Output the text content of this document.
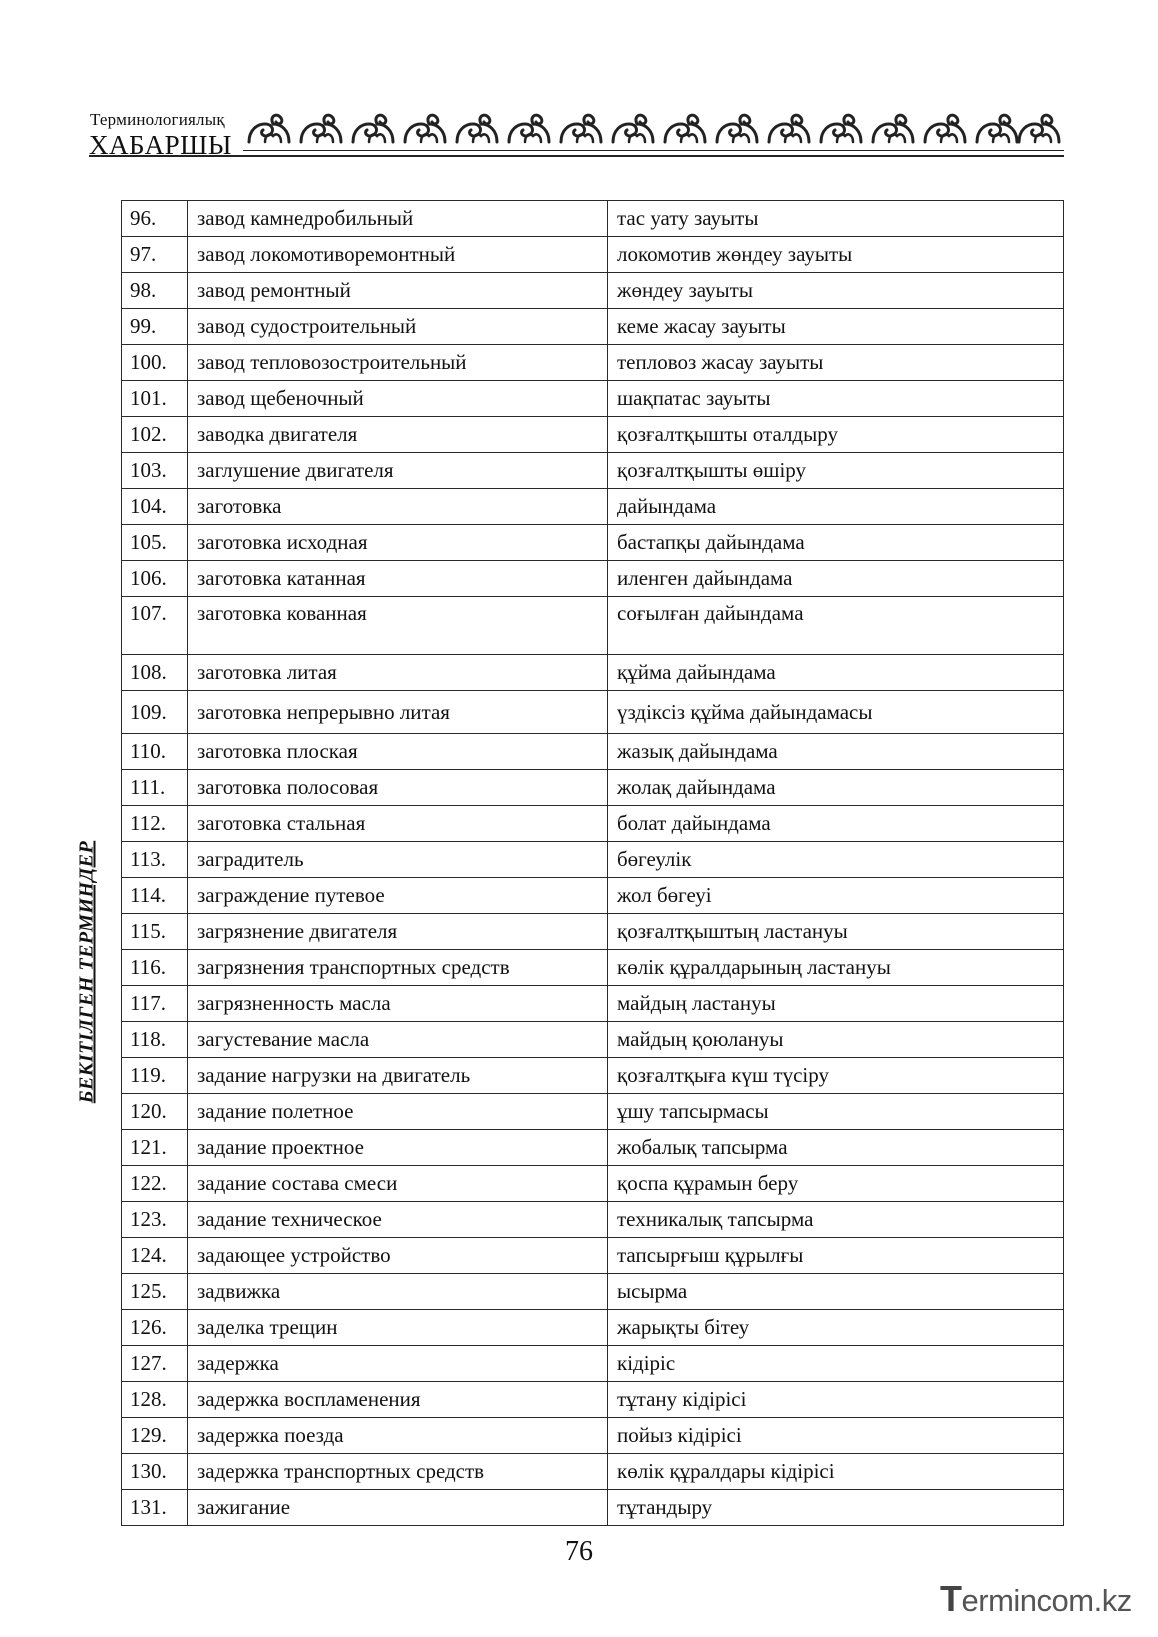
Терминологиялық
ХАБАРШЫ
БЕКІТІЛГЕН ТЕРМИНДЕР
96.	завод камнедробильный	тас уату зауыты
97.	завод локомотиворемонтный	локомотив жөндеу зауыты
98.	завод ремонтный	жөндеу зауыты
99.	завод судостроительный	кеме жасау зауыты
100.	завод тепловозостроительный	тепловоз жасау зауыты
101.	завод щебеночный	шақпатас зауыты
102.	заводка двигателя	қозғалтқышты оталдыру
103.	заглушение двигателя	қозғалтқышты өшіру
104.	заготовка	дайындама
105.	заготовка исходная	бастапқы дайындама
106.	заготовка катанная	иленген дайындама
107.	заготовка кованная	соғылған дайындама
108.	заготовка литая	құйма дайындама
109.	заготовка непрерывно литая	үздіксіз құйма дайындамасы
110.	заготовка плоская	жазық дайындама
111.	заготовка полосовая	жолақ дайындама
112.	заготовка стальная	болат дайындама
113.	заградитель	бөгеулік
114.	заграждение путевое	жол бөгеуі
115.	загрязнение двигателя	қозғалтқыштың ластануы
116.	загрязнения транспортных средств	көлік құралдарының ластануы
117.	загрязненность масла	майдың ластануы
118.	загустевание масла	майдың қоюлануы
119.	задание нагрузки на двигатель	қозғалтқыға күш түсіру
120.	задание полетное	ұшу тапсырмасы
121.	задание проектное	жобалық тапсырма
122.	задание состава смеси	қоспа құрамын беру
123.	задание техническое	техникалық тапсырма
124.	задающее устройство	тапсырғыш құрылғы
125.	задвижка	ысырма
126.	заделка трещин	жарықты бітеу
127.	задержка	кідіріс
128.	задержка воспламенения	тұтану кідірісі
129.	задержка поезда	пойыз кідірісі
130.	задержка транспортных средств	көлік құралдары кідірісі
131.	зажигание	тұтандыру
76
Termincom.kz
